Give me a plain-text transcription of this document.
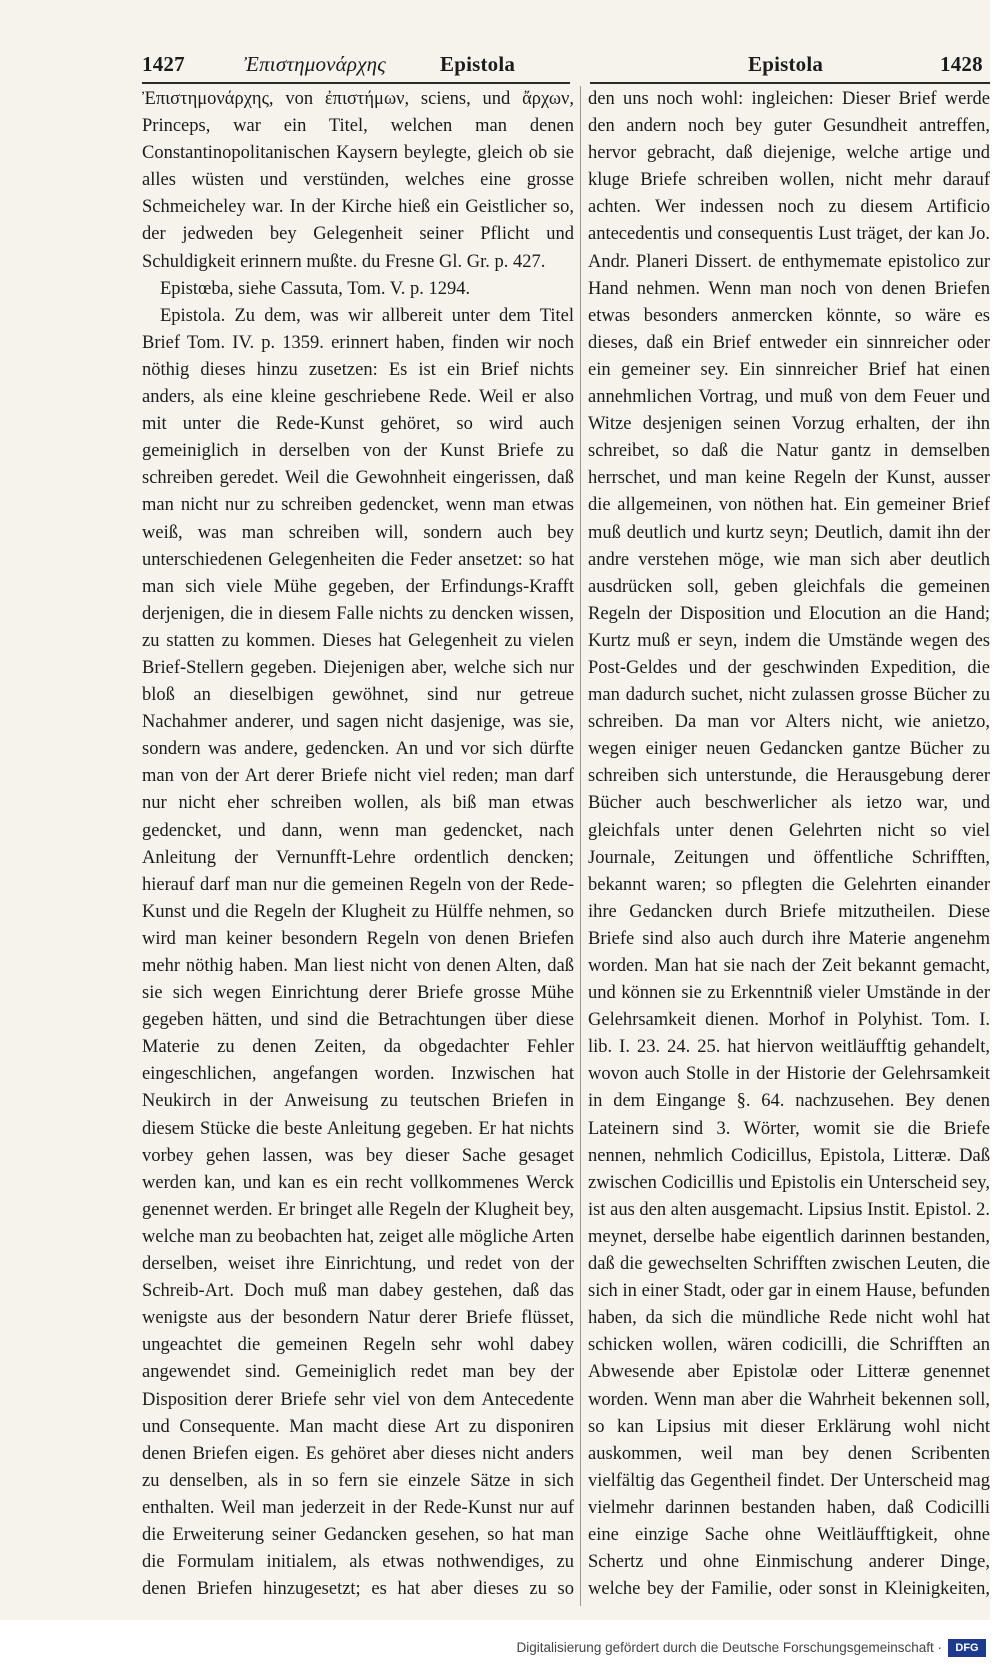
1427	Ἐπιστημονάρχης	Epistola	Epistola	1428

Ἐπιστημονάρχης, von ἐπιστήμων, sciens, und ἄρχων, Princeps, war ein Titel, welchen man denen Constantinopolitanischen Kaysern beylegte, gleich ob sie alles wüsten und verstünden, welches eine grosse Schmeicheley war. In der Kirche hieß ein Geistlicher so, der jedweden bey Gelegenheit seiner Pflicht und Schuldigkeit erinnern mußte. du Fresne Gl. Gr. p. 427.

Epistœba, siehe Cassuta, Tom. V. p. 1294.

Epistola. Zu dem, was wir allbereit unter dem Titel Brief Tom. IV. p. 1359. erinnert haben, finden wir noch nöthig dieses hinzu zusetzen: Es ist ein Brief nichts anders, als eine kleine geschriebene Rede. Weil er also mit unter die Rede-Kunst gehöret, so wird auch gemeiniglich in derselben von der Kunst Briefe zu schreiben geredet. Weil die Gewohnheit eingerissen, daß man nicht nur zu schreiben gedencket, wenn man etwas weiß, was man schreiben will, sondern auch bey unterschiedenen Gelegenheiten die Feder ansetzet: so hat man sich viele Mühe gegeben, der Erfindungs-Krafft derjenigen, die in diesem Falle nichts zu dencken wissen, zu statten zu kommen. Dieses hat Gelegenheit zu vielen Brief-Stellern gegeben. Diejenigen aber, welche sich nur bloß an dieselbigen gewöhnet, sind nur getreue Nachahmer anderer, und sagen nicht dasjenige, was sie, sondern was andere, gedencken. An und vor sich dürfte man von der Art derer Briefe nicht viel reden; man darf nur nicht eher schreiben wollen, als biß man etwas gedencket, und dann, wenn man gedencket, nach Anleitung der Vernunfft-Lehre ordentlich dencken; hierauf darf man nur die gemeinen Regeln von der Rede-Kunst und die Regeln der Klugheit zu Hülffe nehmen, so wird man keiner besondern Regeln von denen Briefen mehr nöthig haben. Man liest nicht von denen Alten, daß sie sich wegen Einrichtung derer Briefe grosse Mühe gegeben hätten, und sind die Betrachtungen über diese Materie zu denen Zeiten, da obgedachter Fehler eingeschlichen, angefangen worden. Inzwischen hat Neukirch in der Anweisung zu teutschen Briefen in diesem Stücke die beste Anleitung gegeben. Er hat nichts vorbey gehen lassen, was bey dieser Sache gesaget werden kan, und kan es ein recht vollkommenes Werck genennet werden. Er bringet alle Regeln der Klugheit bey, welche man zu beobachten hat, zeiget alle mögliche Arten derselben, weiset ihre Einrichtung, und redet von der Schreib-Art. Doch muß man dabey gestehen, daß das wenigste aus der besondern Natur derer Briefe flüsset, ungeachtet die gemeinen Regeln sehr wohl dabey angewendet sind. Gemeiniglich redet man bey der Disposition derer Briefe sehr viel von dem Antecedente und Consequente. Man macht diese Art zu disponiren denen Briefen eigen. Es gehöret aber dieses nicht anders zu denselben, als in so fern sie einzele Sätze in sich enthalten. Weil man jederzeit in der Rede-Kunst nur auf die Erweiterung seiner Gedancken gesehen, so hat man die Formulam initialem, als etwas nothwendiges, zu denen Briefen hinzugesetzt; es hat aber dieses zu so

den uns noch wohl: ingleichen: Dieser Brief werde den andern noch bey guter Gesundheit antreffen, hervor gebracht, daß diejenige, welche artige und kluge Briefe schreiben wollen, nicht mehr darauf achten. Wer indessen noch zu diesem Artificio antecedentis und consequentis Lust träget, der kan Jo. Andr. Planeri Dissert. de enthymemate epistolico zur Hand nehmen. Wenn man noch von denen Briefen etwas besonders anmercken könnte, so wäre es dieses, daß ein Brief entweder ein sinnreicher oder ein gemeiner sey. Ein sinnreicher Brief hat einen annehmlichen Vortrag, und muß von dem Feuer und Witze desjenigen seinen Vorzug erhalten, der ihn schreibet, so daß die Natur gantz in demselben herrschet, und man keine Regeln der Kunst, ausser die allgemeinen, von nöthen hat. Ein gemeiner Brief muß deutlich und kurtz seyn; Deutlich, damit ihn der andre verstehen möge, wie man sich aber deutlich ausdrücken soll, geben gleichfals die gemeinen Regeln der Disposition und Elocution an die Hand; Kurtz muß er seyn, indem die Umstände wegen des Post-Geldes und der geschwinden Expedition, die man dadurch suchet, nicht zulassen grosse Bücher zu schreiben. Da man vor Alters nicht, wie anietzo, wegen einiger neuen Gedancken gantze Bücher zu schreiben sich unterstunde, die Herausgebung derer Bücher auch beschwerlicher als ietzo war, und gleichfals unter denen Gelehrten nicht so viel Journale, Zeitungen und öffentliche Schrifften, bekannt waren; so pflegten die Gelehrten einander ihre Gedancken durch Briefe mitzutheilen. Diese Briefe sind also auch durch ihre Materie angenehm worden. Man hat sie nach der Zeit bekannt gemacht, und können sie zu Erkenntniß vieler Umstände in der Gelehrsamkeit dienen. Morhof in Polyhist. Tom. I. lib. I. 23. 24. 25. hat hiervon weitläufftig gehandelt, wovon auch Stolle in der Historie der Gelehrsamkeit in dem Eingange §. 64. nachzusehen. Bey denen Lateinern sind 3. Wörter, womit sie die Briefe nennen, nehmlich Codicillus, Epistola, Litteræ. Daß zwischen Codicillis und Epistolis ein Unterscheid sey, ist aus den alten ausgemacht. Lipsius Instit. Epistol. 2. meynet, derselbe habe eigentlich darinnen bestanden, daß die gewechselten Schrifften zwischen Leuten, die sich in einer Stadt, oder gar in einem Hause, befunden haben, da sich die mündliche Rede nicht wohl hat schicken wollen, wären codicilli, die Schrifften an Abwesende aber Epistolæ oder Litteræ genennet worden. Wenn man aber die Wahrheit bekennen soll, so kan Lipsius mit dieser Erklärung wohl nicht auskommen, weil man bey denen Scribenten vielfältig das Gegentheil findet. Der Unterscheid mag vielmehr darinnen bestanden haben, daß Codicilli eine einzige Sache ohne Weitläufftigkeit, ohne Schertz und ohne Einmischung anderer Dinge, welche bey der Familie, oder sonst in Kleinigkeiten,

Digitalisierung gefördert durch die Deutsche Forschungsgemeinschaft ·	DFG
